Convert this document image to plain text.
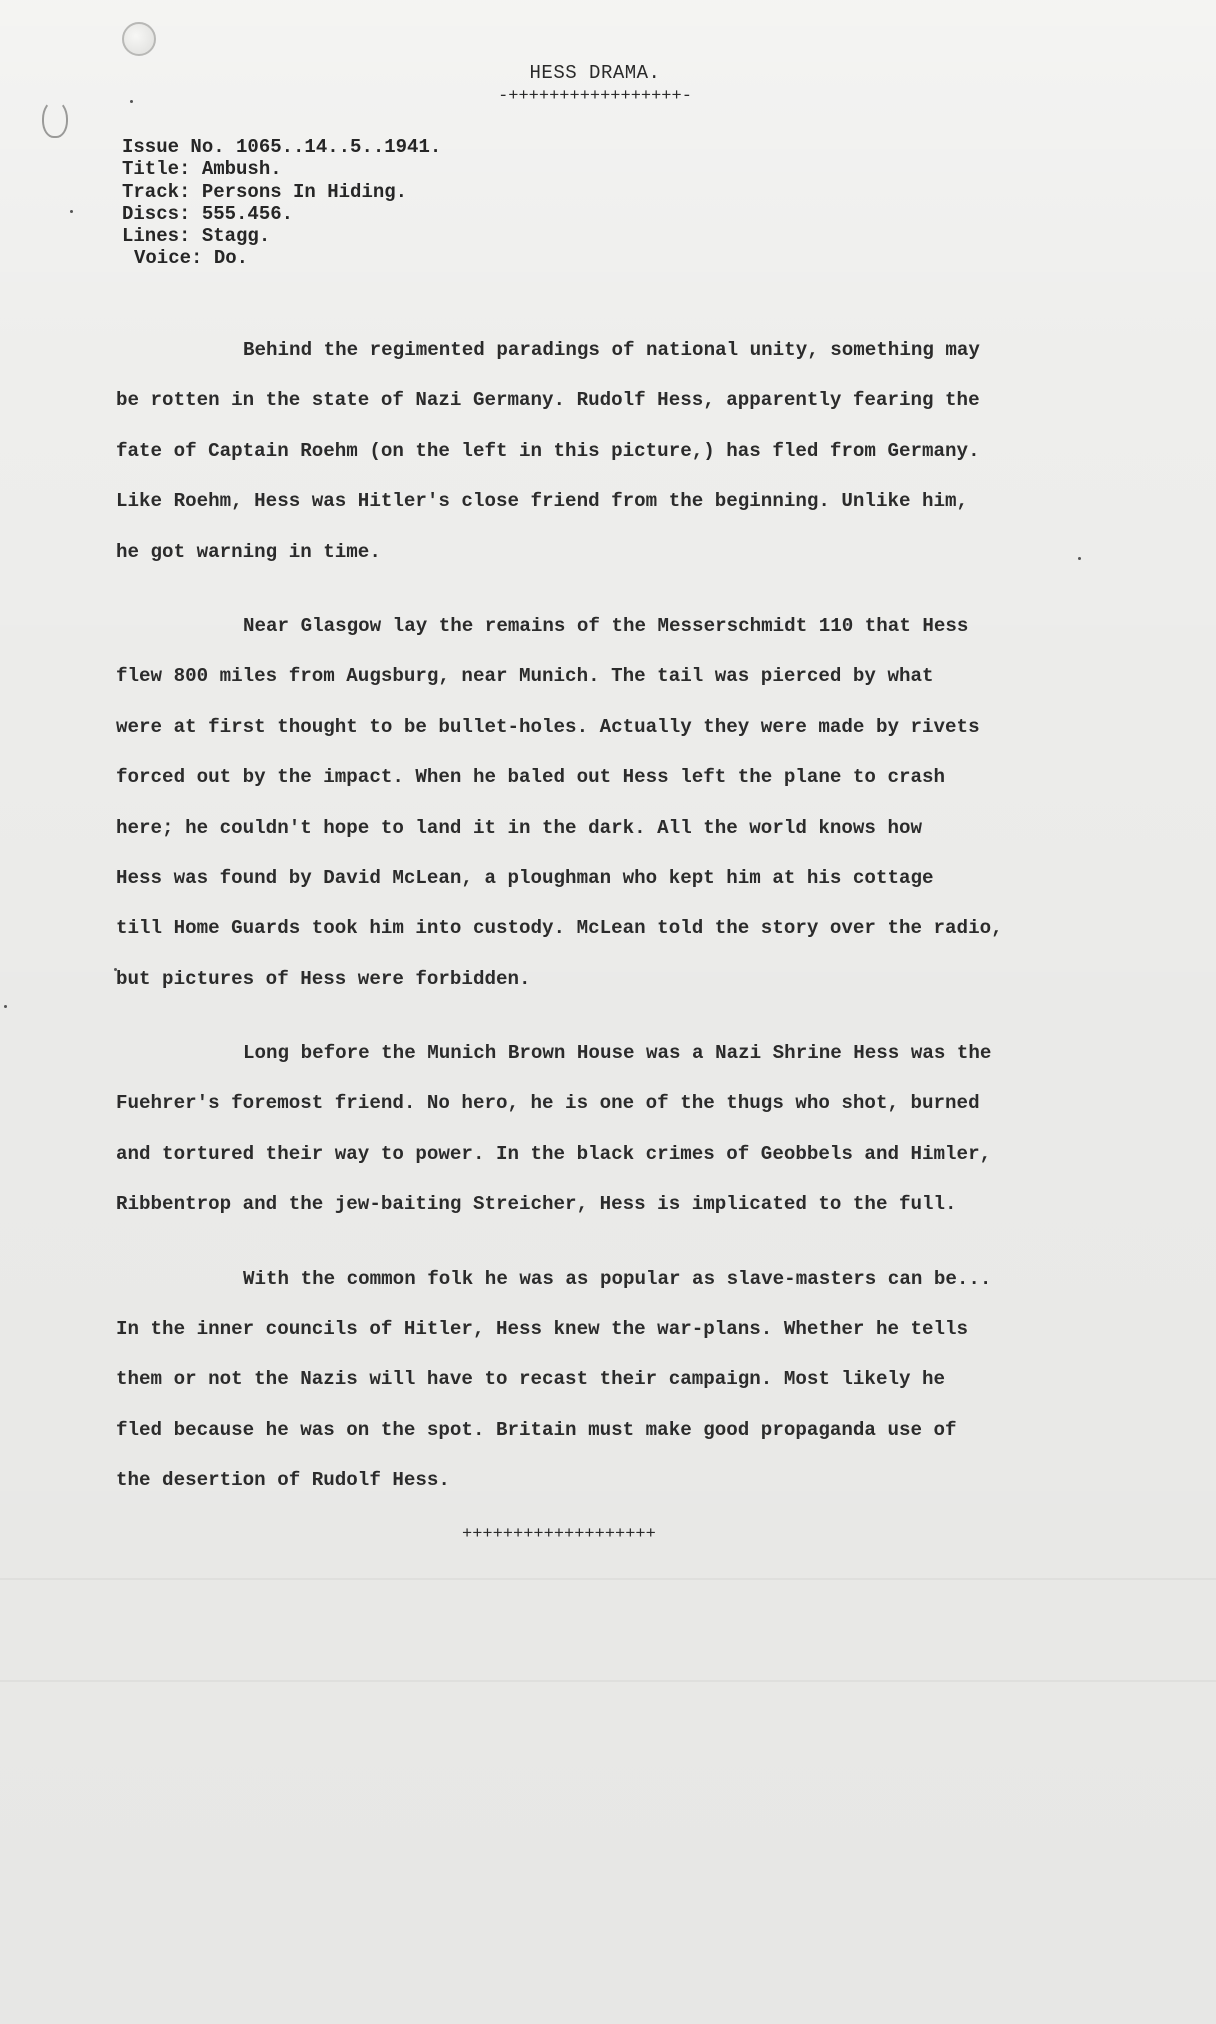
HESS DRAMA.
-+++++++++++++++++-
Issue No. 1065..14..5..1941.
Title: Ambush.
Track: Persons In Hiding.
Discs: 555.456.
Lines: Stagg.
Voice: Do.
Behind the regimented paradings of national unity, something may
be rotten in the state of Nazi Germany. Rudolf Hess, apparently fearing the
fate of Captain Roehm (on the left in this picture,) has fled from Germany.
Like Roehm, Hess was Hitler's close friend from the beginning. Unlike him,
he got warning in time.
Near Glasgow lay the remains of the Messerschmidt 110 that Hess
flew 800 miles from Augsburg, near Munich. The tail was pierced by what
were at first thought to be bullet-holes. Actually they were made by rivets
forced out by the impact. When he baled out Hess left the plane to crash
here; he couldn't hope to land it in the dark. All the world knows how
Hess was found by David McLean, a ploughman who kept him at his cottage
till Home Guards took him into custody. McLean told the story over the radio,
but pictures of Hess were forbidden.
Long before the Munich Brown House was a Nazi Shrine Hess was the
Fuehrer's foremost friend. No hero, he is one of the thugs who shot, burned
and tortured their way to power. In the black crimes of Geobbels and Himler,
Ribbentrop and the jew-baiting Streicher, Hess is implicated to the full.
With the common folk he was as popular as slave-masters can be...
In the inner councils of Hitler, Hess knew the war-plans. Whether he tells
them or not the Nazis will have to recast their campaign. Most likely he
fled because he was on the spot. Britain must make good propaganda use of
the desertion of Rudolf Hess.
+++++++++++++++++++
